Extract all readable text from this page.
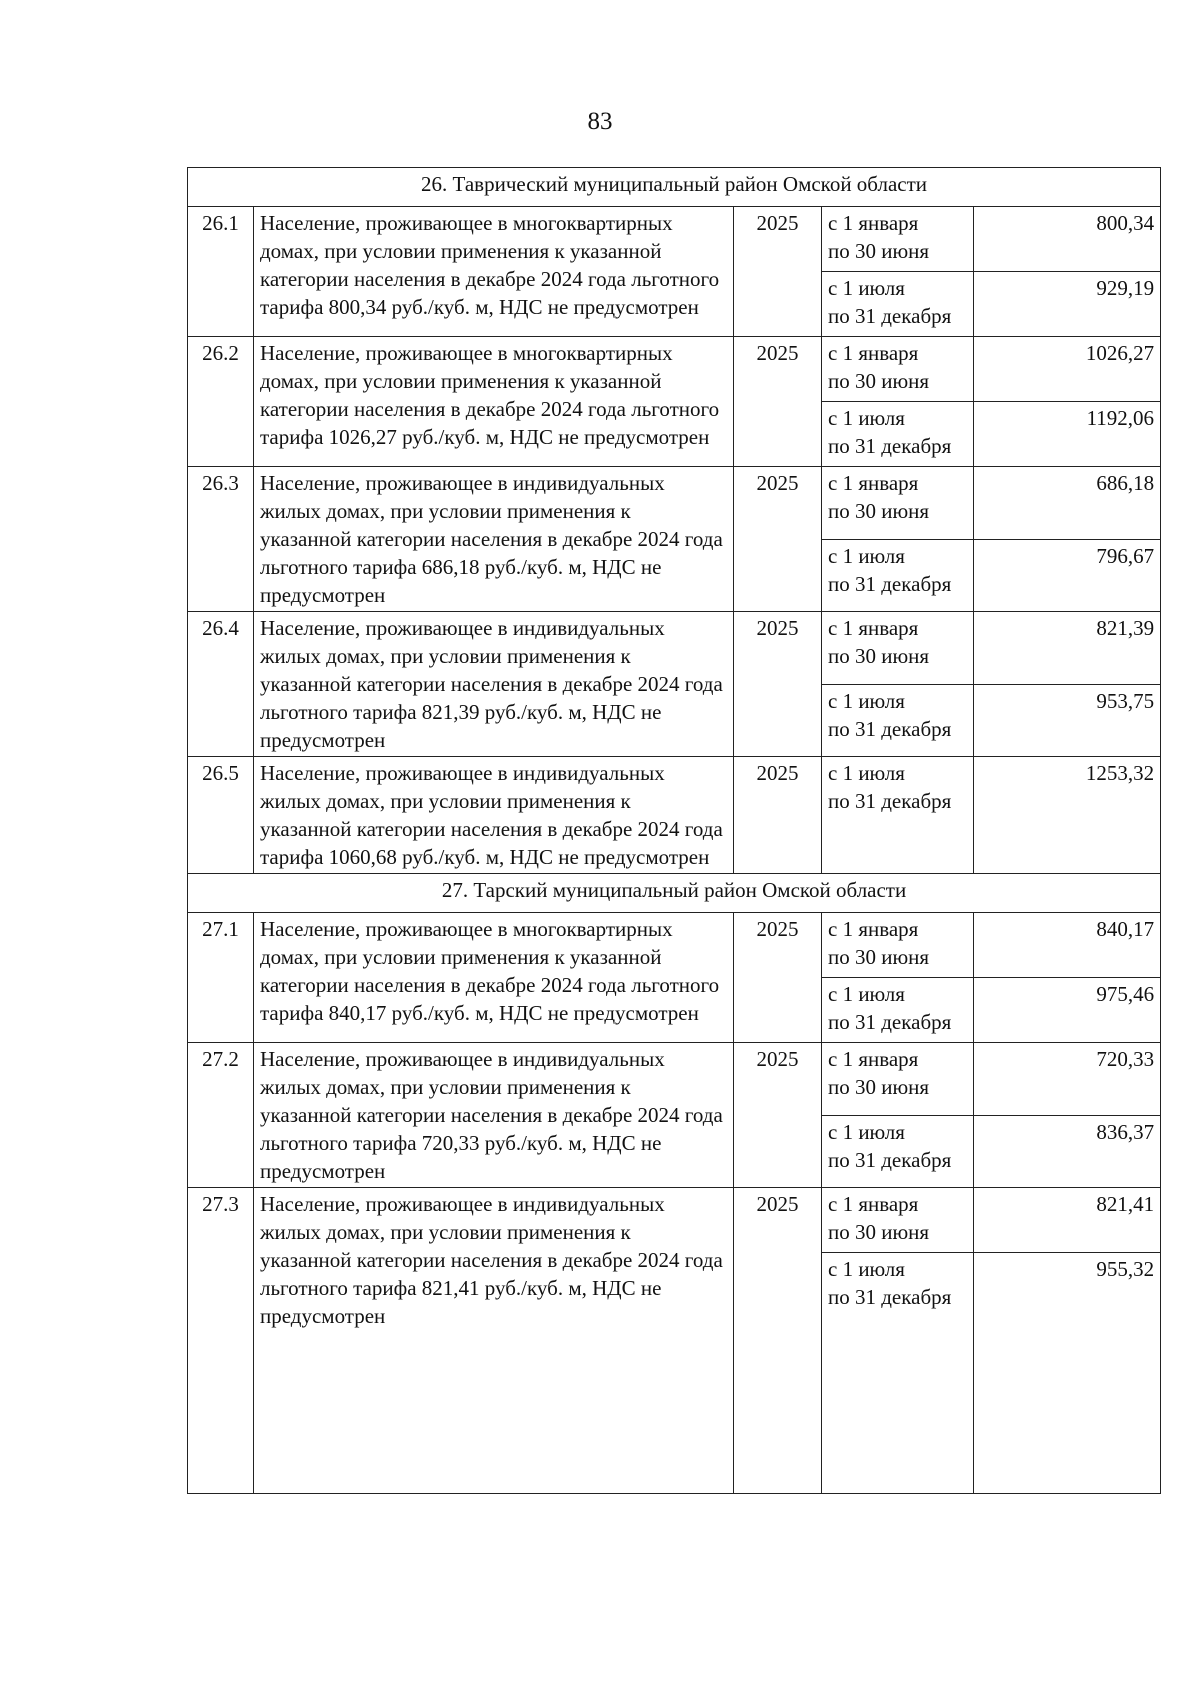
83
26. Таврический муниципальный район Омской области				
26.1	Население, проживающее в многоквартирных домах, при условии применения к указанной категории населения в декабре 2024 года льготного тарифа 800,34 руб./куб. м, НДС не предусмотрен	2025	с 1 января
по 30 июня	800,34

			с 1 июля
по 31 декабря	929,19
26.2	Население, проживающее в многоквартирных домах, при условии применения к указанной категории населения в декабре 2024 года льготного тарифа 1026,27 руб./куб. м, НДС не предусмотрен	2025	с 1 января
по 30 июня	1026,27

			с 1 июля
по 31 декабря	1192,06
26.3	Население, проживающее в индивидуальных жилых домах, при условии применения к указанной категории населения в декабре 2024 года льготного тарифа 686,18 руб./куб. м, НДС не предусмотрен	2025	с 1 января
по 30 июня	686,18

			с 1 июля
по 31 декабря	796,67
26.4	Население, проживающее в индивидуальных жилых домах, при условии применения к указанной категории населения в декабре 2024 года льготного тарифа 821,39 руб./куб. м, НДС не предусмотрен	2025	с 1 января
по 30 июня	821,39

			с 1 июля
по 31 декабря	953,75
26.5	Население, проживающее в индивидуальных жилых домах, при условии применения к указанной категории населения в декабре 2024 года тарифа 1060,68 руб./куб. м, НДС не предусмотрен	2025	с 1 июля
по 31 декабря	1253,32
27. Тарский муниципальный район Омской области				
27.1	Население, проживающее в многоквартирных домах, при условии применения к указанной категории населения в декабре 2024 года льготного тарифа 840,17 руб./куб. м, НДС не предусмотрен	2025	с 1 января
по 30 июня	840,17

			с 1 июля
по 31 декабря	975,46
27.2	Население, проживающее в индивидуальных жилых домах, при условии применения к указанной категории населения в декабре 2024 года льготного тарифа 720,33 руб./куб. м, НДС не предусмотрен	2025	с 1 января
по 30 июня	720,33

			с 1 июля
по 31 декабря	836,37
27.3	Население, проживающее в индивидуальных жилых домах, при условии применения к указанной категории населения в декабре 2024 года льготного тарифа 821,41 руб./куб. м, НДС не предусмотрен	2025	с 1 января
по 30 июня	821,41

			с 1 июля
по 31 декабря	955,32
